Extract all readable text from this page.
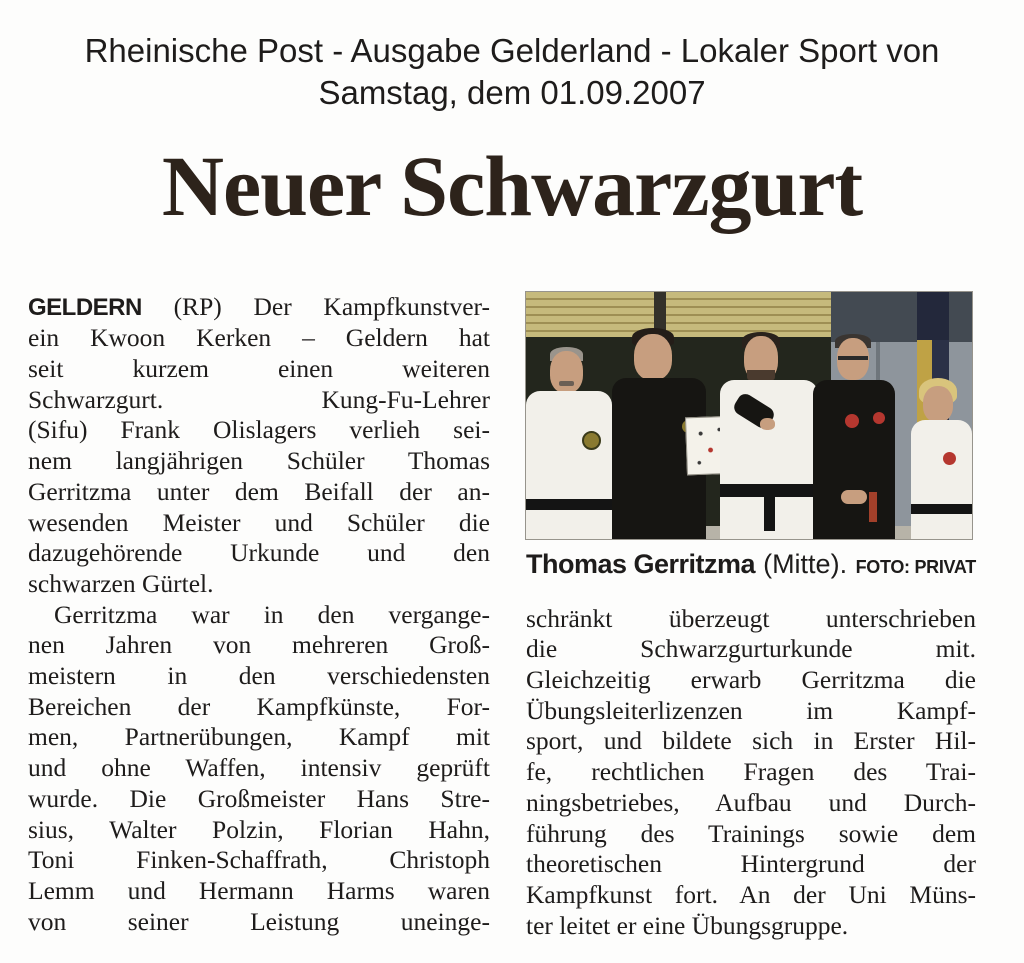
Rheinische Post - Ausgabe Gelderland - Lokaler Sport von
Samstag, dem 01.09.2007
Neuer Schwarzgurt
GELDERN (RP) Der Kampfkunstver-
ein Kwoon Kerken – Geldern hat
seit kurzem einen weiteren
Schwarzgurt. Kung-Fu-Lehrer
(Sifu) Frank Olislagers verlieh sei-
nem langjährigen Schüler Thomas
Gerritzma unter dem Beifall der an-
wesenden Meister und Schüler die
dazugehörende Urkunde und den
schwarzen Gürtel.
Gerritzma war in den vergange-
nen Jahren von mehreren Groß-
meistern in den verschiedensten
Bereichen der Kampfkünste, For-
men, Partnerübungen, Kampf mit
und ohne Waffen, intensiv geprüft
wurde. Die Großmeister Hans Stre-
sius, Walter Polzin, Florian Hahn,
Toni Finken-Schaffrath, Christoph
Lemm und Hermann Harms waren
von seiner Leistung uneinge-
Thomas Gerritzma (Mitte). FOTO: PRIVAT
schränkt überzeugt unterschrieben
die Schwarzgurturkunde mit.
Gleichzeitig erwarb Gerritzma die
Übungsleiterlizenzen im Kampf-
sport, und bildete sich in Erster Hil-
fe, rechtlichen Fragen des Trai-
ningsbetriebes, Aufbau und Durch-
führung des Trainings sowie dem
theoretischen Hintergrund der
Kampfkunst fort. An der Uni Müns-
ter leitet er eine Übungsgruppe.
